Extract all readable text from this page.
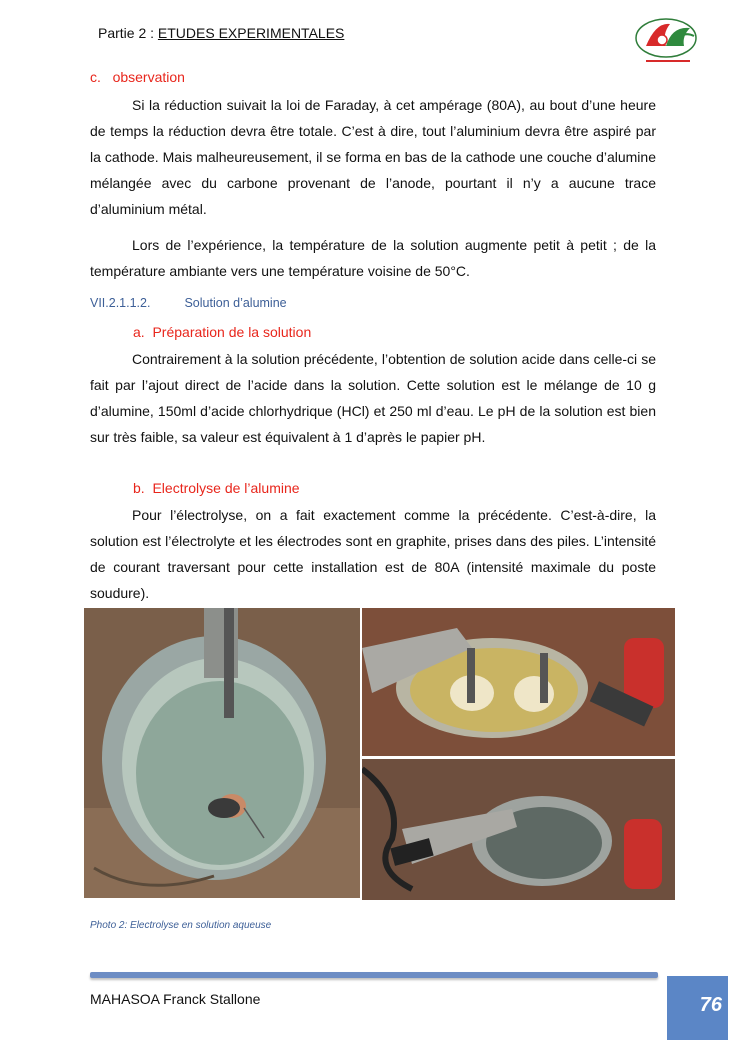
Partie 2 : ETUDES EXPERIMENTALES
c. observation

Si la réduction suivait la loi de Faraday, à cet ampérage (80A), au bout d’une heure de temps la réduction devra être totale. C’est à dire, tout l’aluminium devra être aspiré par la cathode. Mais malheureusement, il se forma en bas de la cathode une couche d’alumine mélangée avec du carbone provenant de l’anode, pourtant il n’y a aucune trace d’aluminium métal.

Lors de l’expérience, la température de la solution augmente petit à petit ; de la température ambiante vers une température voisine de 50°C.

VII.2.1.1.2.	Solution d’alumine
a. Préparation de la solution

Contrairement à la solution précédente, l’obtention de solution acide dans celle-ci se fait par l’ajout direct de l’acide dans la solution. Cette solution est le mélange de 10 g d’alumine, 150ml d’acide chlorhydrique (HCl) et 250 ml d’eau. Le pH de la solution est bien sur très faible, sa valeur est équivalent à 1 d’après le papier pH.

b. Electrolyse de l’alumine

Pour l’électrolyse, on a fait exactement comme la précédente. C’est-à-dire, la solution est l’électrolyte et les électrodes sont en graphite, prises dans des piles. L’intensité de courant traversant pour cette installation est de 80A (intensité maximale du poste soudure).

Photo 2: Electrolyse en solution aqueuse
MAHASOA Franck Stallone	76
